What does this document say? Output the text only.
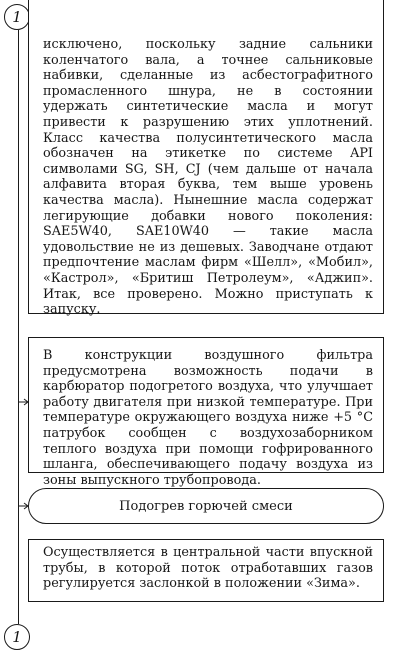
1
1

исключено, поскольку задние сальники коленчатого вала, а точнее сальниковые набивки, сделанные из асбестографитного промасленного шнура, не в состоянии удержать синтетические масла и могут привести к разрушению этих уплотнений. Класс качества полусинтетического масла обозначен на этикетке по системе API символами SG, SH, CJ (чем дальше от начала алфавита вторая буква, тем выше уровень качества масла). Нынешние масла содержат легирующие добавки нового поколения: SAE5W40, SAE10W40 — такие масла удовольствие не из дешевых. Заводчане отдают предпочтение маслам фирм «Шелл», «Мобил», «Кастрол», «Бритиш Петролеум», «Аджип». Итак, все проверено. Можно приступать к запуску.

В конструкции воздушного фильтра предусмотрена возможность подачи в карбюратор подогретого воздуха, что улучшает работу двигателя при низкой температуре. При температуре окружающего воздуха ниже +5 °С патрубок сообщен с воздухозаборником теплого воздуха при помощи гофрированного шланга, обеспечивающего подачу воздуха из зоны выпускного трубопровода.

Подогрев горючей смеси

Осуществляется в центральной части впускной трубы, в которой поток отработавших газов регулируется заслонкой в положении «Зима».
